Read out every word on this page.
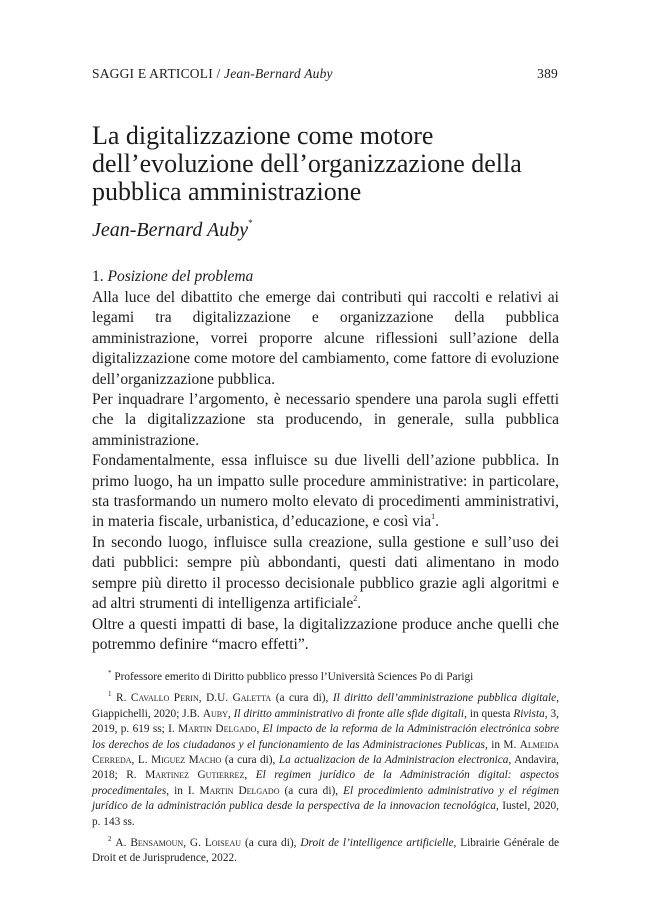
SAGGI E ARTICOLI / Jean-Bernard Auby	389
La digitalizzazione come motore dell’evoluzione dell’organizzazione della pubblica amministrazione
Jean-Bernard Auby*
1. Posizione del problema

Alla luce del dibattito che emerge dai contributi qui raccolti e relativi ai legami tra digitalizzazione e organizzazione della pubblica amministrazione, vorrei proporre alcune riflessioni sull’azione della digitalizzazione come motore del cambiamento, come fattore di evoluzione dell’organizzazione pubblica.

Per inquadrare l’argomento, è necessario spendere una parola sugli effetti che la digitalizzazione sta producendo, in generale, sulla pubblica amministrazione.

Fondamentalmente, essa influisce su due livelli dell’azione pubblica. In primo luogo, ha un impatto sulle procedure amministrative: in particolare, sta trasformando un numero molto elevato di procedimenti amministrativi, in materia fiscale, urbanistica, d’educazione, e così via$^1$.

In secondo luogo, influisce sulla creazione, sulla gestione e sull’uso dei dati pubblici: sempre più abbondanti, questi dati alimentano in modo sempre più diretto il processo decisionale pubblico grazie agli algoritmi e ad altri strumenti di intelligenza artificiale$^2$.

Oltre a questi impatti di base, la digitalizzazione produce anche quelli che potremmo definire “macro effetti”.

* Professore emerito di Diritto pubblico presso l’Università Sciences Po di Parigi

$^1$ R. Cavallo Perin, D.U. Galetta (a cura di), Il diritto dell’amministrazione pubblica digitale, Giappichelli, 2020; J.B. Auby, Il diritto amministrativo di fronte alle sfide digitali, in questa Rivista, 3, 2019, p. 619 ss; I. Martin Delgado, El impacto de la reforma de la Administración electrónica sobre los derechos de los ciudadanos y el funcionamiento de las Administraciones Publicas, in M. Almeida Cerreda, L. Miguez Macho (a cura di), La actualizacion de la Administracion electronica, Andavira, 2018; R. Martinez Gutierrez, El regimen jurídico de la Administración digital: aspectos procedimentales, in I. Martin Delgado (a cura di), El procedimiento administrativo y el régimen jurídico de la administración publica desde la perspectiva de la innovacion tecnológica, Iustel, 2020, p. 143 ss.

$^2$ A. Bensamoun, G. Loiseau (a cura di), Droit de l’intelligence artificielle, Librairie Générale de Droit et de Jurisprudence, 2022.
